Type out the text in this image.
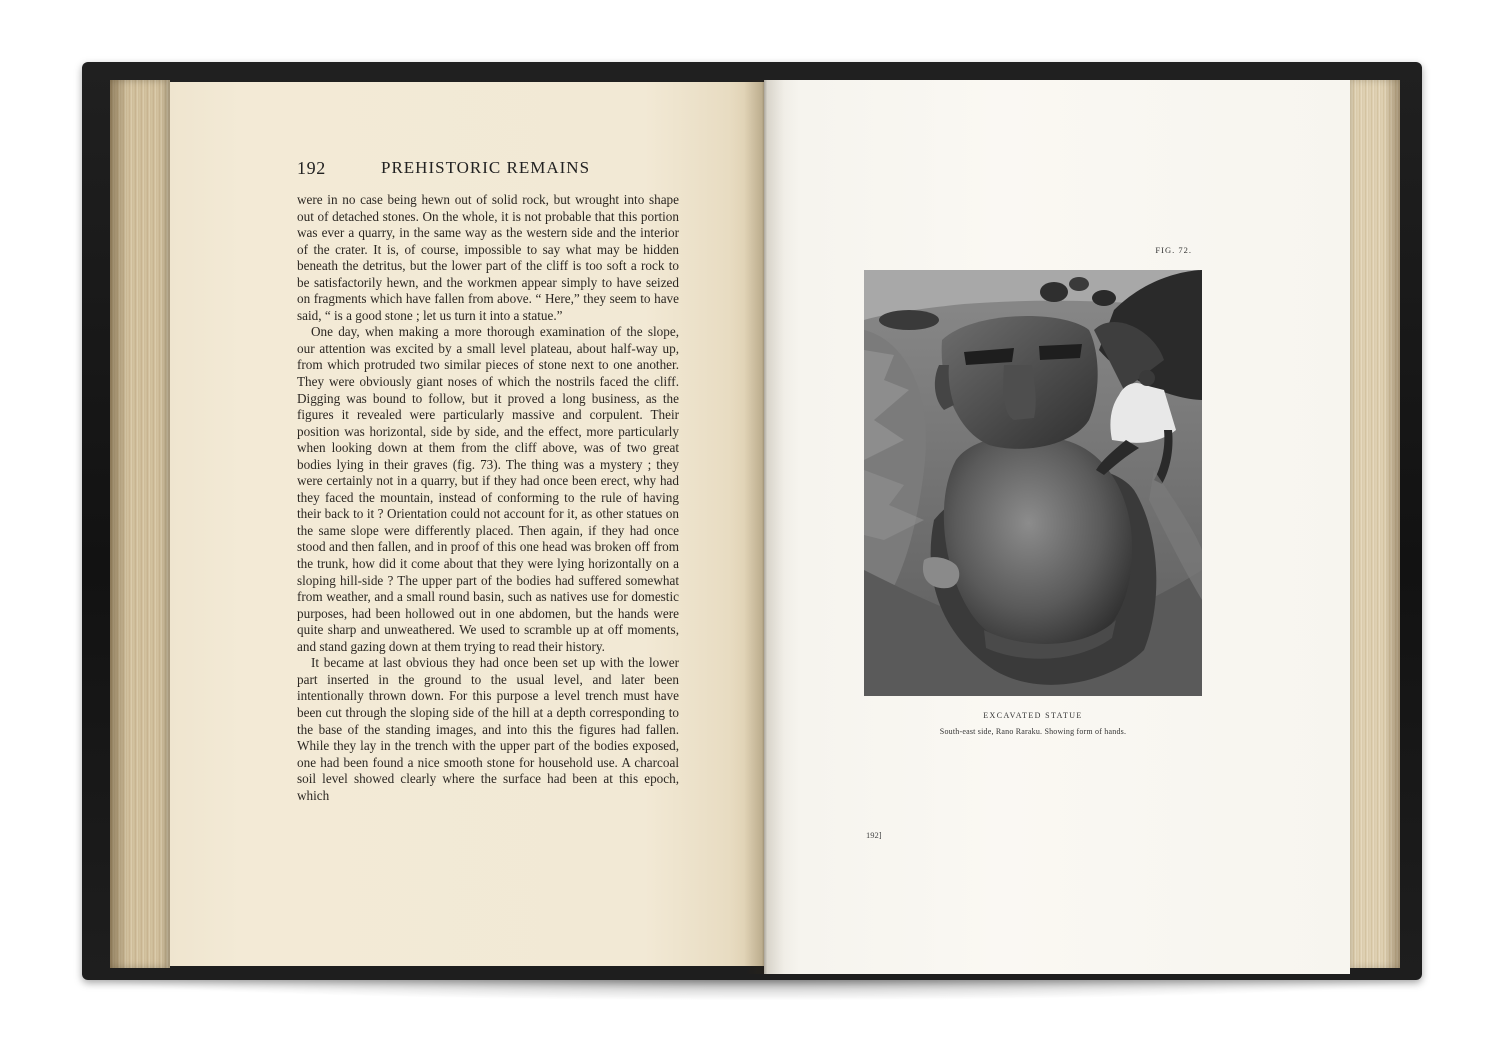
192	PREHISTORIC REMAINS

were in no case being hewn out of solid rock, but wrought into shape out of detached stones. On the whole, it is not probable that this portion was ever a quarry, in the same way as the western side and the interior of the crater. It is, of course, impossible to say what may be hidden beneath the detritus, but the lower part of the cliff is too soft a rock to be satisfactorily hewn, and the workmen appear simply to have seized on fragments which have fallen from above. “ Here,” they seem to have said, “ is a good stone ; let us turn it into a statue.”

One day, when making a more thorough examination of the slope, our attention was excited by a small level plateau, about half-way up, from which protruded two similar pieces of stone next to one another. They were obviously giant noses of which the nostrils faced the cliff. Digging was bound to follow, but it proved a long business, as the figures it revealed were particularly massive and corpulent. Their position was horizontal, side by side, and the effect, more particularly when looking down at them from the cliff above, was of two great bodies lying in their graves (fig. 73). The thing was a mystery ; they were certainly not in a quarry, but if they had once been erect, why had they faced the mountain, instead of conforming to the rule of having their back to it ? Orientation could not account for it, as other statues on the same slope were differently placed. Then again, if they had once stood and then fallen, and in proof of this one head was broken off from the trunk, how did it come about that they were lying horizontally on a sloping hill-side ? The upper part of the bodies had suffered somewhat from weather, and a small round basin, such as natives use for domestic purposes, had been hollowed out in one abdomen, but the hands were quite sharp and unweathered. We used to scramble up at off moments, and stand gazing down at them trying to read their history.

It became at last obvious they had once been set up with the lower part inserted in the ground to the usual level, and later been intentionally thrown down. For this purpose a level trench must have been cut through the sloping side of the hill at a depth corresponding to the base of the standing images, and into this the figures had fallen. While they lay in the trench with the upper part of the bodies exposed, one had been found a nice smooth stone for household use. A charcoal soil level showed clearly where the surface had been at this epoch, which

FIG. 72.
EXCAVATED STATUE
South-east side, Rano Raraku. Showing form of hands.
192]
